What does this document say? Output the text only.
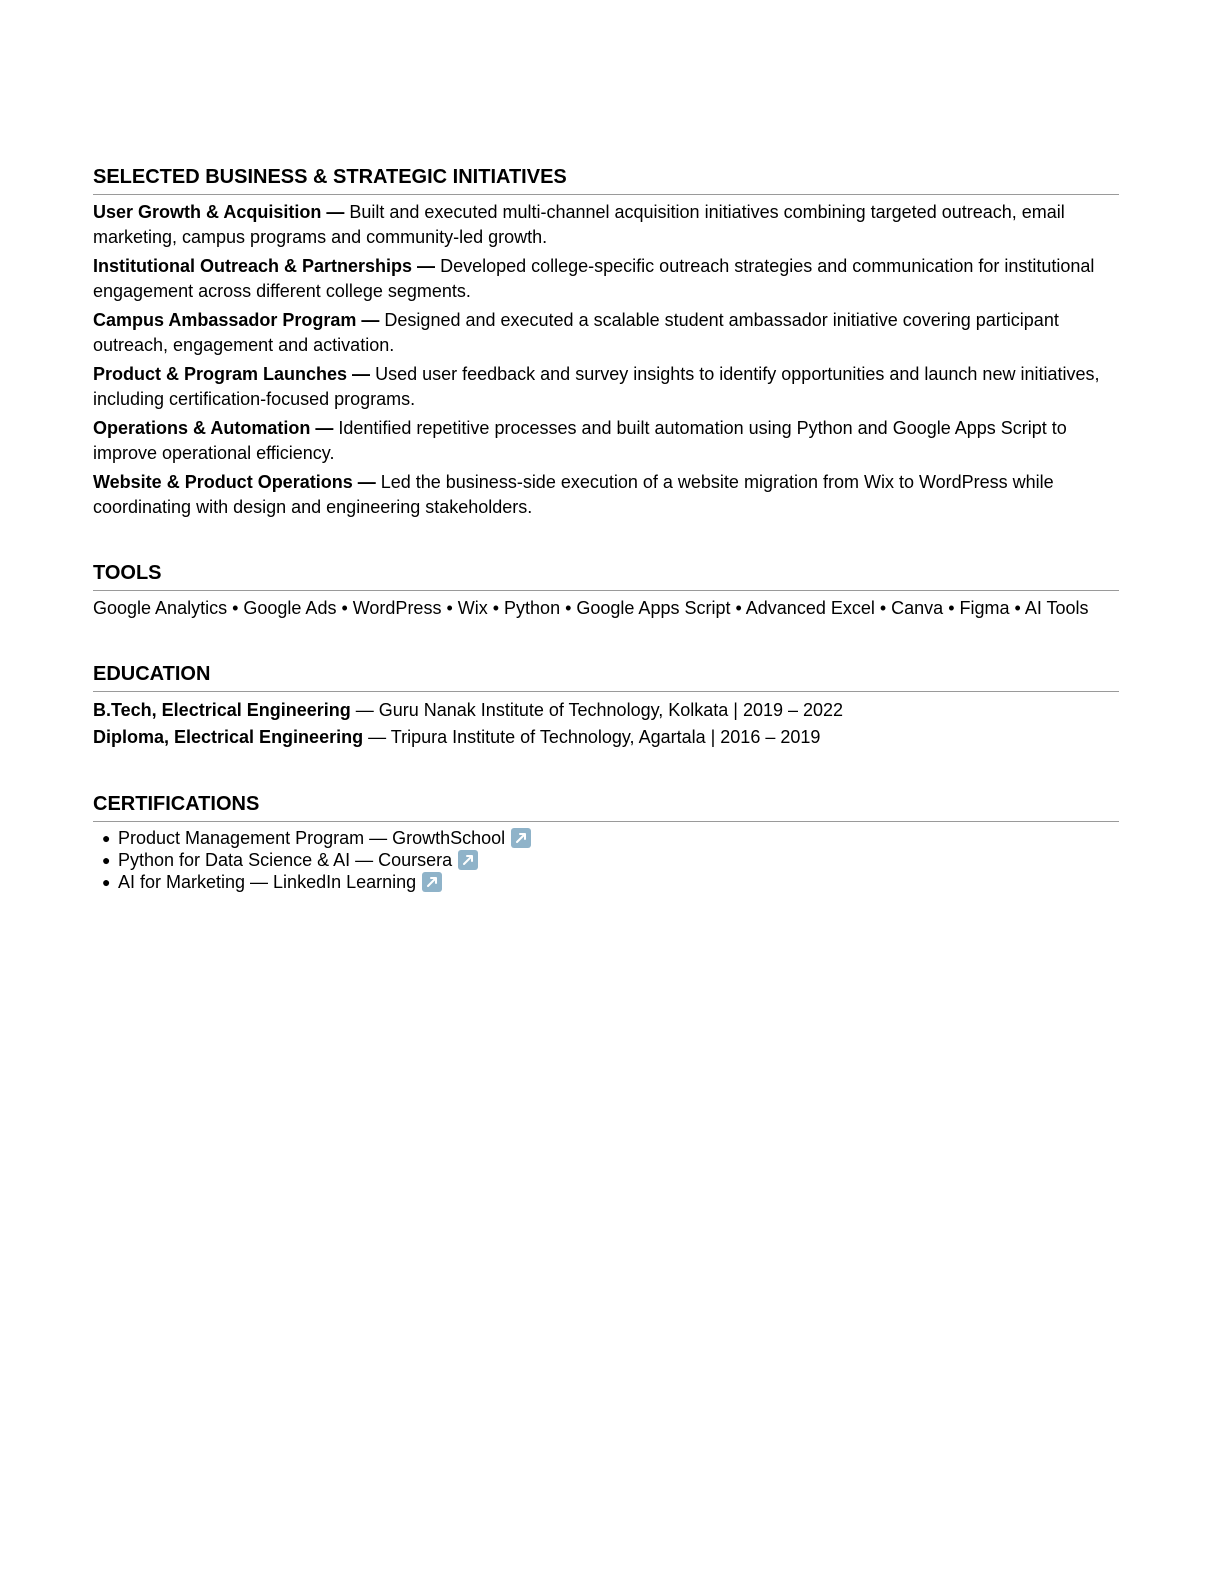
SELECTED BUSINESS & STRATEGIC INITIATIVES

User Growth & Acquisition — Built and executed multi-channel acquisition initiatives combining targeted outreach, email marketing, campus programs and community-led growth.

Institutional Outreach & Partnerships — Developed college-specific outreach strategies and communication for institutional engagement across different college segments.

Campus Ambassador Program — Designed and executed a scalable student ambassador initiative covering participant outreach, engagement and activation.

Product & Program Launches — Used user feedback and survey insights to identify opportunities and launch new initiatives, including certification-focused programs.

Operations & Automation — Identified repetitive processes and built automation using Python and Google Apps Script to improve operational efficiency.

Website & Product Operations — Led the business-side execution of a website migration from Wix to WordPress while coordinating with design and engineering stakeholders.

TOOLS

Google Analytics • Google Ads • WordPress • Wix • Python • Google Apps Script • Advanced Excel • Canva • Figma • AI Tools

EDUCATION

B.Tech, Electrical Engineering — Guru Nanak Institute of Technology, Kolkata | 2019 – 2022

Diploma, Electrical Engineering — Tripura Institute of Technology, Agartala | 2016 – 2019

CERTIFICATIONS
● Product Management Program — GrowthSchool
● Python for Data Science & AI — Coursera
● AI for Marketing — LinkedIn Learning
